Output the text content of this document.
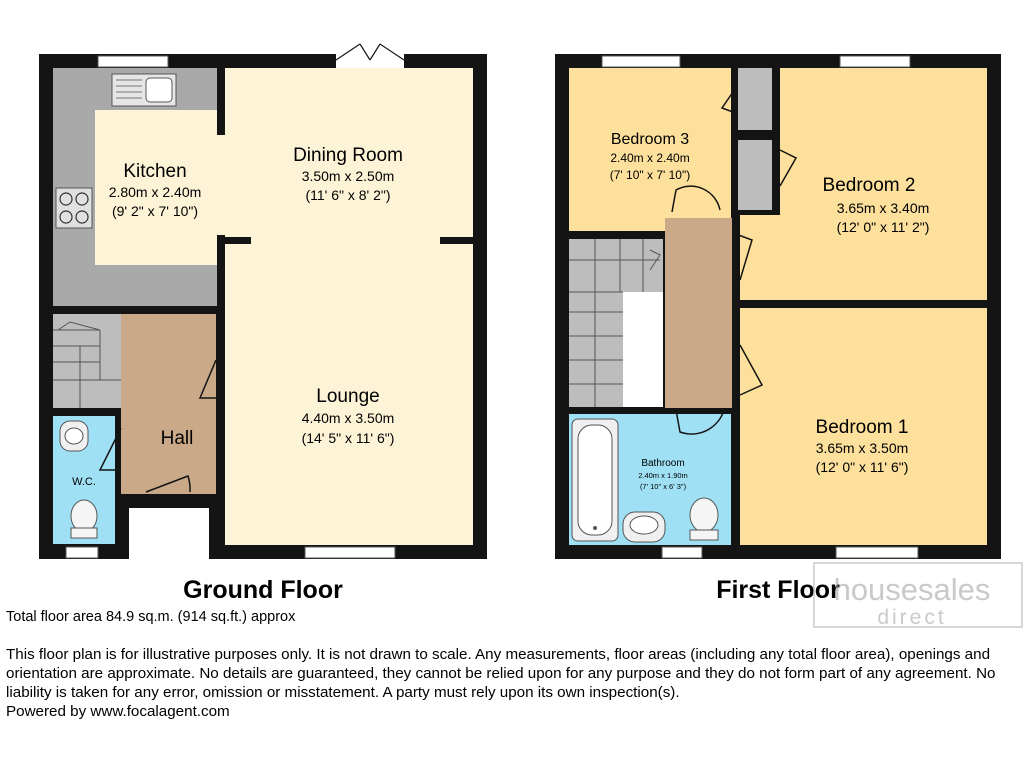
Kitchen
2.80m x 2.40m
(9' 2" x 7' 10")
Dining Room
3.50m x 2.50m
(11' 6" x 8' 2")
Lounge
4.40m x 3.50m
(14' 5" x 11' 6")
Hall
W.C.
Ground Floor
Bedroom 3
2.40m x 2.40m
(7' 10" x 7' 10")	Bedroom 2
3.65m x 3.40m
(12' 0" x 11' 2")
Bedroom 1
3.65m x 3.50m
(12' 0" x 11' 6")
Bathroom
2.40m x 1.90m
(7' 10" x 6' 3")
First Floor
housesales
direct
Total floor area 84.9 sq.m. (914 sq.ft.) approx
This floor plan is for illustrative purposes only. It is not drawn to scale. Any measurements, floor areas (including any total floor area), openings and orientation are approximate. No details are guaranteed, they cannot be relied upon for any purpose and they do not form part of any agreement. No liability is taken for any error, omission or misstatement. A party must rely upon its own inspection(s).
Powered by www.focalagent.com
